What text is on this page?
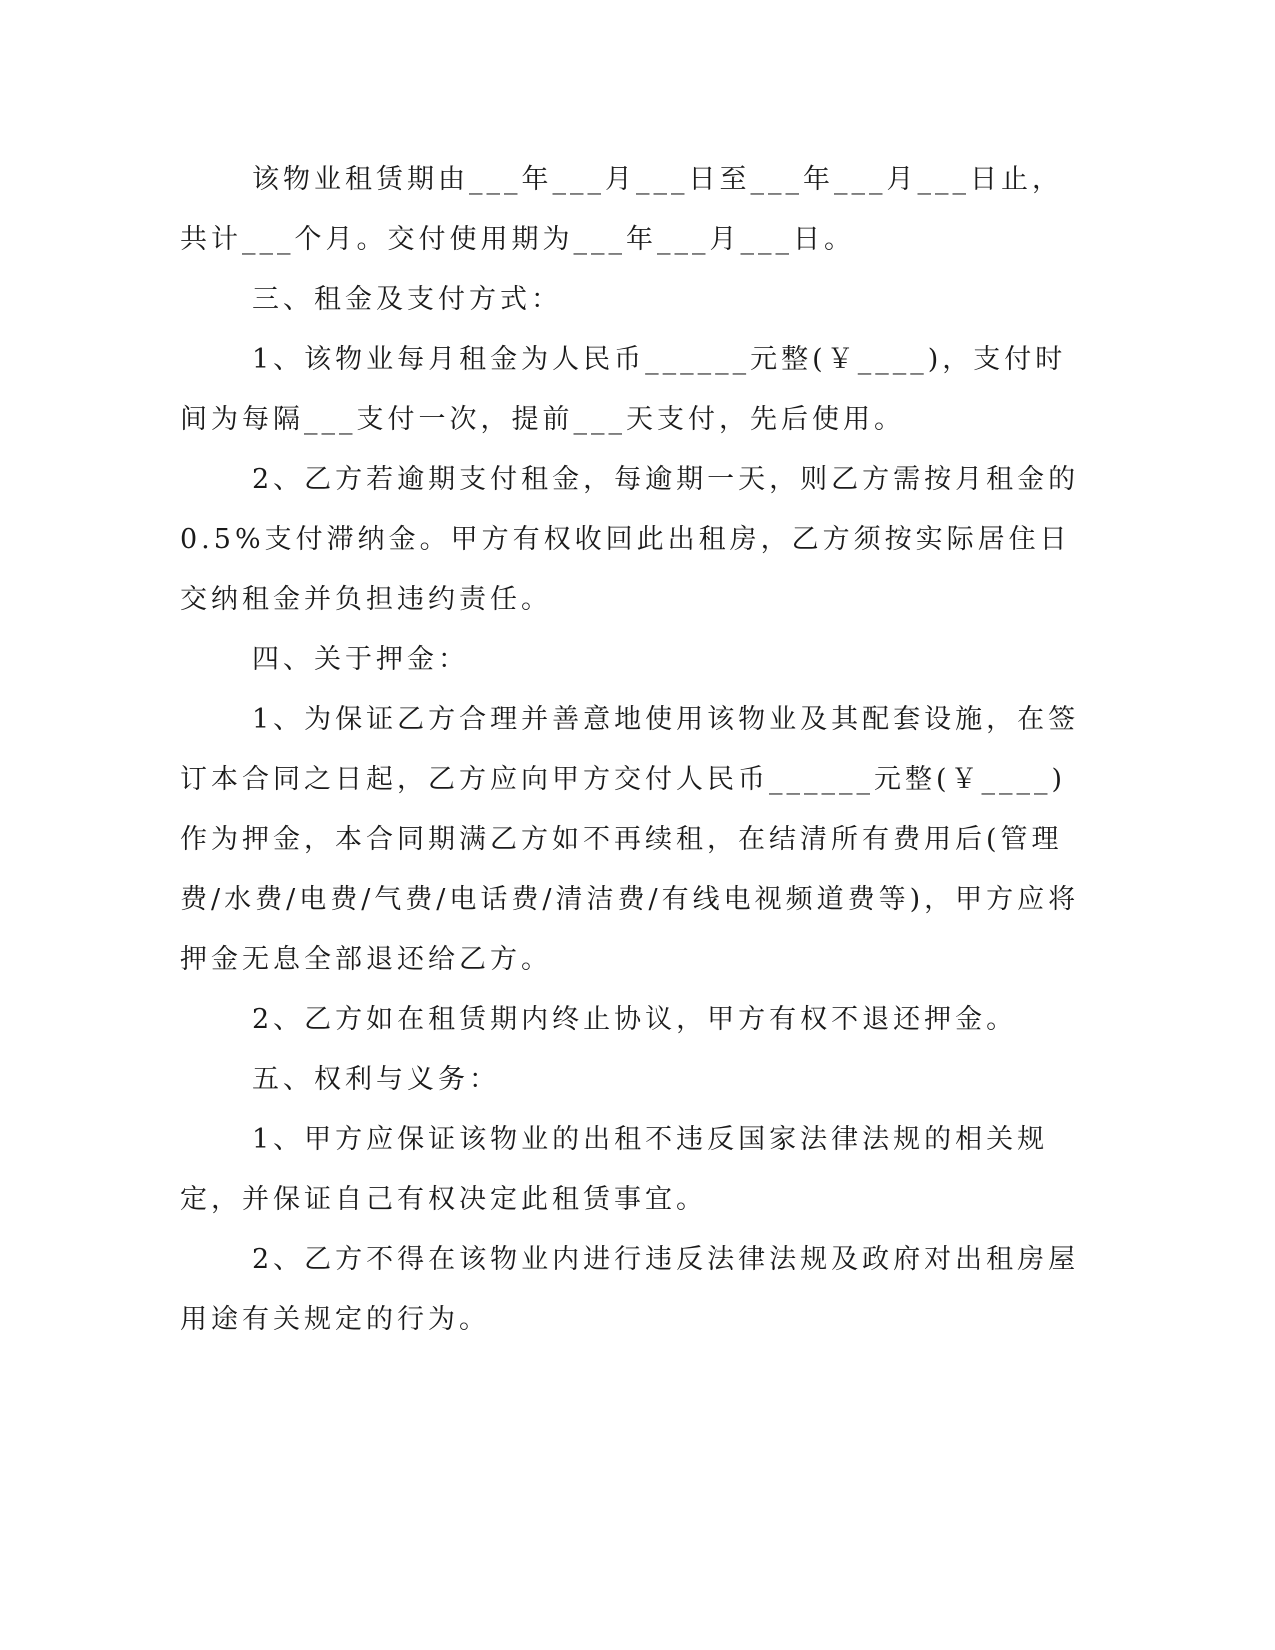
该物业租赁期由___年___月___日至___年___月___日止，共计___个月。交付使用期为___年___月___日。

三、租金及支付方式：

1、该物业每月租金为人民币______元整(￥____)，支付时间为每隔___支付一次，提前___天支付，先后使用。

2、乙方若逾期支付租金，每逾期一天，则乙方需按月租金的0.5%支付滞纳金。甲方有权收回此出租房，乙方须按实际居住日交纳租金并负担违约责任。

四、关于押金：

1、为保证乙方合理并善意地使用该物业及其配套设施，在签订本合同之日起，乙方应向甲方交付人民币______元整(￥____)作为押金，本合同期满乙方如不再续租，在结清所有费用后(管理费/水费/电费/气费/电话费/清洁费/有线电视频道费等)，甲方应将押金无息全部退还给乙方。

2、乙方如在租赁期内终止协议，甲方有权不退还押金。

五、权利与义务：

1、甲方应保证该物业的出租不违反国家法律法规的相关规定，并保证自己有权决定此租赁事宜。

2、乙方不得在该物业内进行违反法律法规及政府对出租房屋用途有关规定的行为。
